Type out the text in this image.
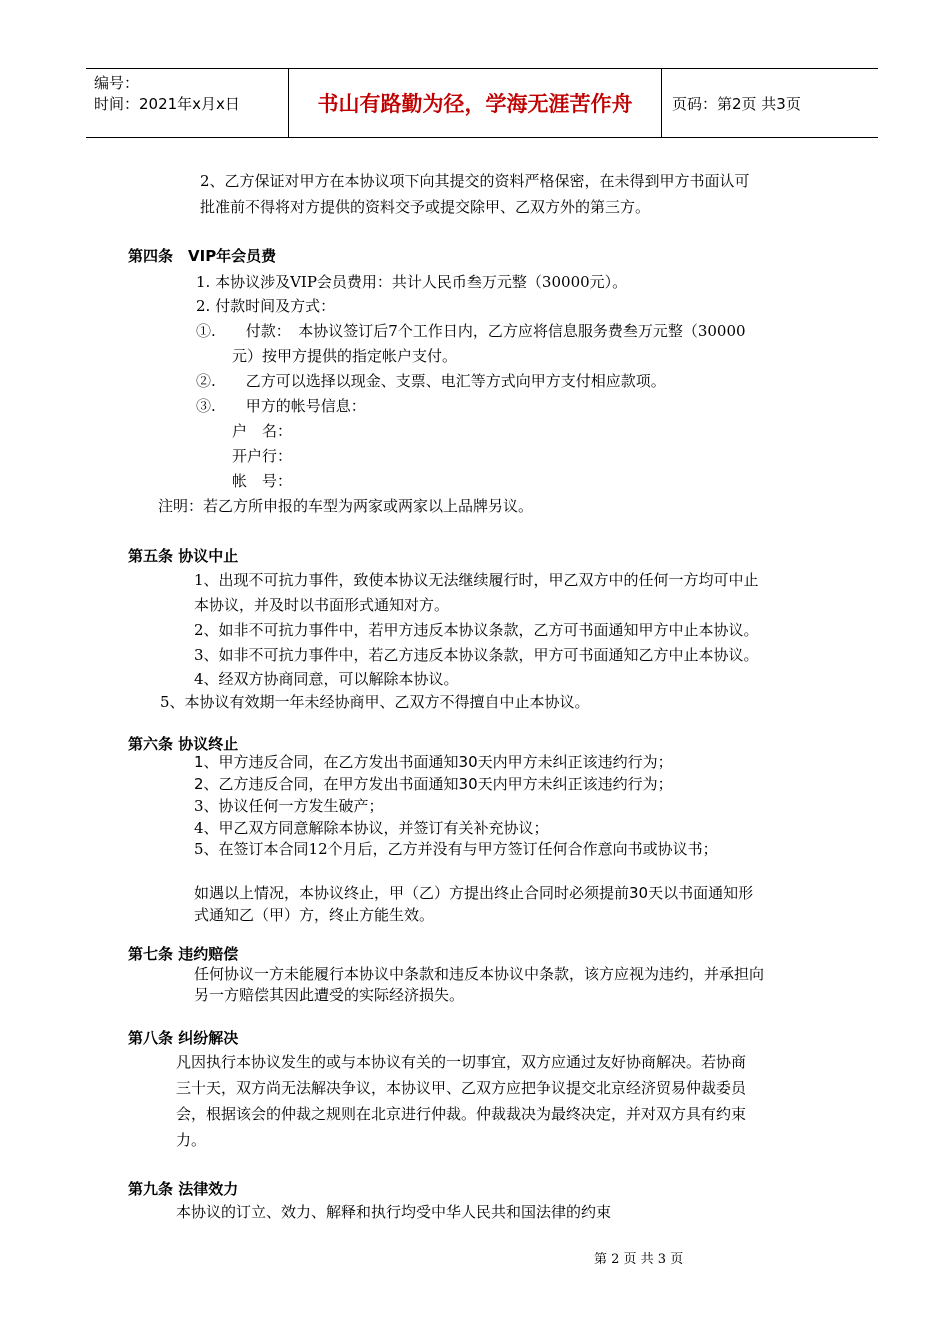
编号：
时间：2021年x月x日	书山有路勤为径，学海无涯苦作舟	页码：第2页 共3页
2、乙方保证对甲方在本协议项下向其提交的资料严格保密，在未得到甲方书面认可
批准前不得将对方提供的资料交予或提交除甲、乙双方外的第三方。
第四条　VIP年会员费
1. 本协议涉及VIP会员费用：共计人民币叁万元整（30000元）。
2. 付款时间及方式：
①.　　付款：　本协议签订后7个工作日内，乙方应将信息服务费叁万元整（30000
元）按甲方提供的指定帐户支付。
②.　　乙方可以选择以现金、支票、电汇等方式向甲方支付相应款项。
③.　　甲方的帐号信息：
户　名：
开户行：
帐　号：
注明：若乙方所申报的车型为两家或两家以上品牌另议。
第五条 协议中止
1、出现不可抗力事件，致使本协议无法继续履行时，甲乙双方中的任何一方均可中止
本协议，并及时以书面形式通知对方。
2、如非不可抗力事件中，若甲方违反本协议条款，乙方可书面通知甲方中止本协议。
3、如非不可抗力事件中，若乙方违反本协议条款，甲方可书面通知乙方中止本协议。
4、经双方协商同意，可以解除本协议。
5、本协议有效期一年未经协商甲、乙双方不得擅自中止本协议。
第六条 协议终止
1、甲方违反合同，在乙方发出书面通知30天内甲方未纠正该违约行为；
2、乙方违反合同，在甲方发出书面通知30天内甲方未纠正该违约行为；
3、协议任何一方发生破产；
4、甲乙双方同意解除本协议，并签订有关补充协议；
5、在签订本合同12个月后，乙方并没有与甲方签订任何合作意向书或协议书；
如遇以上情况，本协议终止，甲（乙）方提出终止合同时必须提前30天以书面通知形
式通知乙（甲）方，终止方能生效。
第七条 违约赔偿
任何协议一方未能履行本协议中条款和违反本协议中条款，该方应视为违约，并承担向
另一方赔偿其因此遭受的实际经济损失。
第八条 纠纷解决
凡因执行本协议发生的或与本协议有关的一切事宜，双方应通过友好协商解决。若协商
三十天，双方尚无法解决争议，本协议甲、乙双方应把争议提交北京经济贸易仲裁委员
会，根据该会的仲裁之规则在北京进行仲裁。仲裁裁决为最终决定，并对双方具有约束
力。
第九条 法律效力
本协议的订立、效力、解释和执行均受中华人民共和国法律的约束
第 2 页 共 3 页
